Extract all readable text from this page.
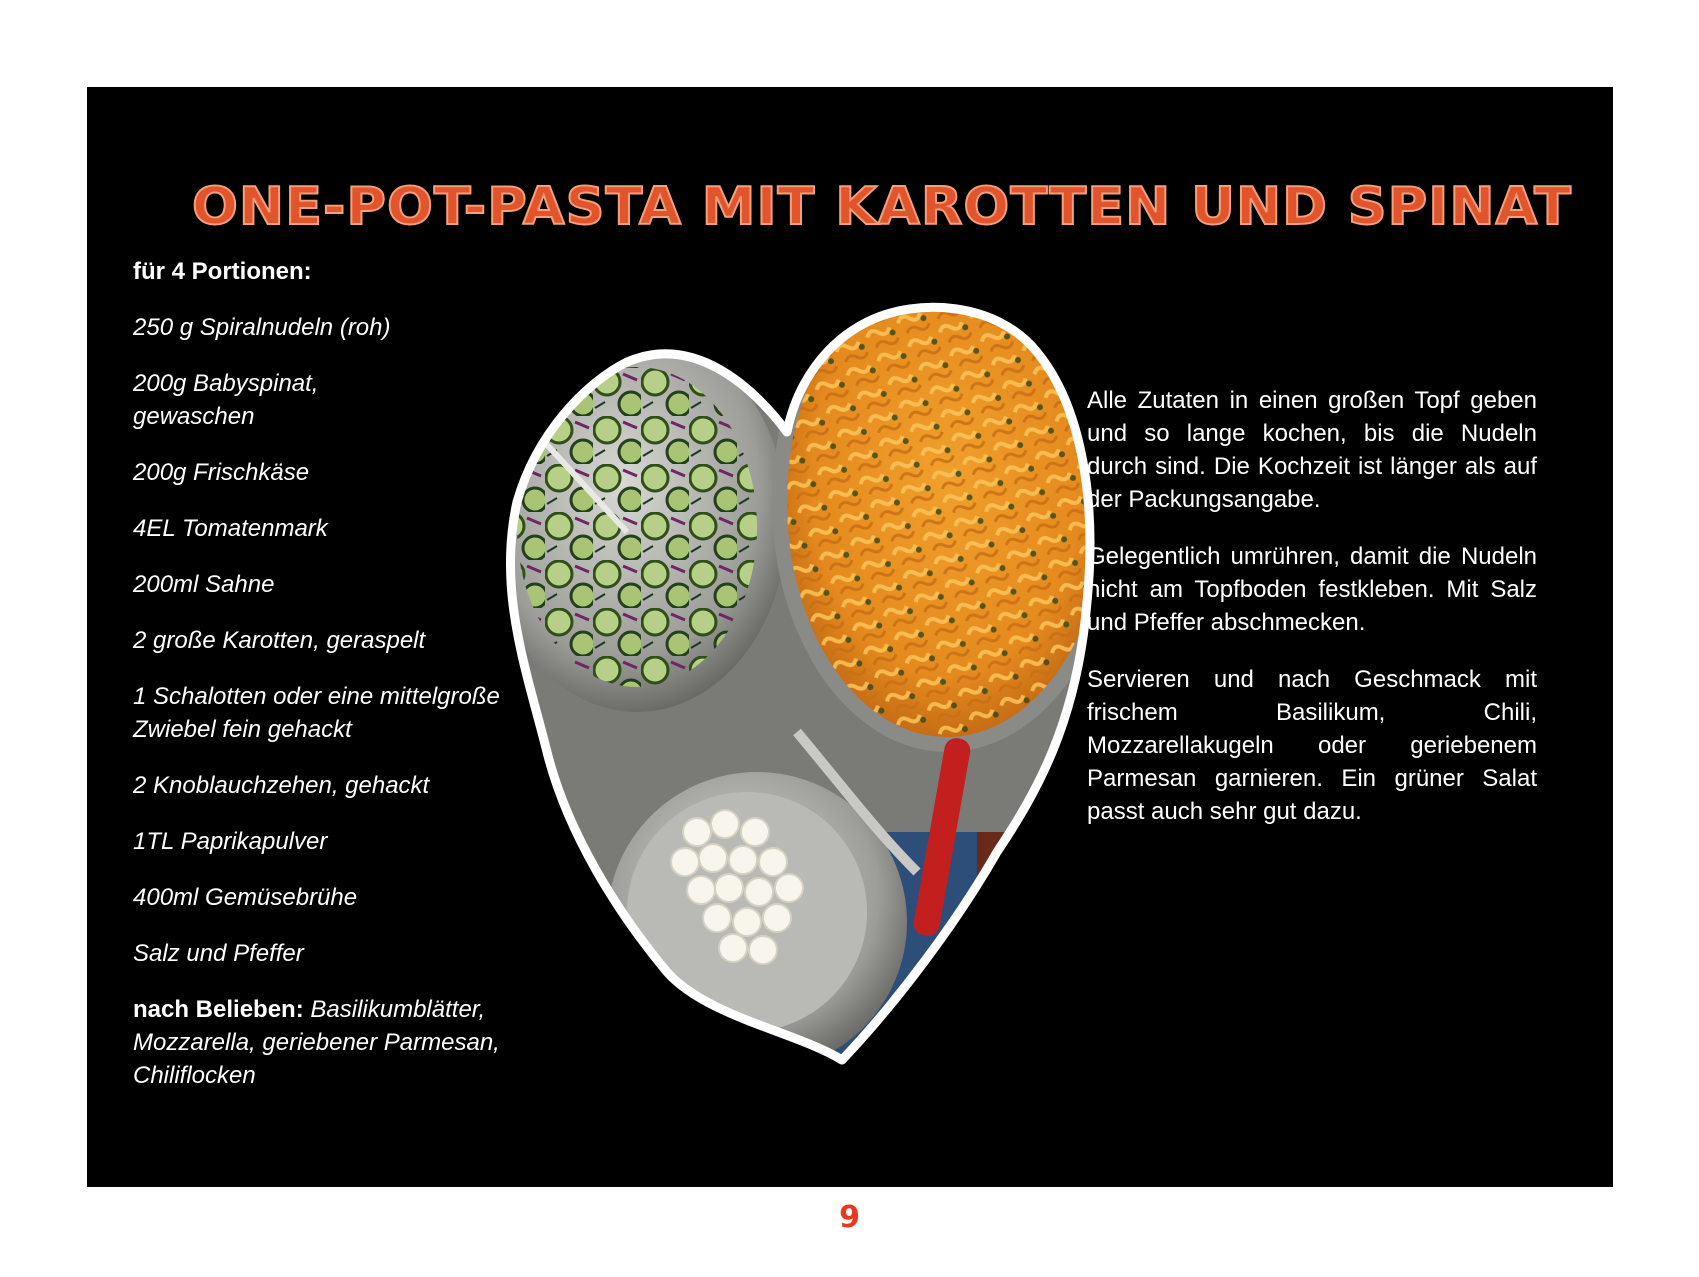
ONE-POT-PASTA MIT KAROTTEN UND SPINAT

für 4 Portionen:

250 g Spiralnudeln (roh)
200g Babyspinat, gewaschen
200g Frischkäse
4EL Tomatenmark
200ml Sahne
2 große Karotten, geraspelt
1 Schalotten oder eine mittelgroße Zwiebel fein gehackt
2 Knoblauchzehen, gehackt
1TL Paprikapulver
400ml Gemüsebrühe
Salz und Pfeffer

nach Belieben: Basilikumblätter, Mozzarella, geriebener Parmesan, Chiliflocken

Alle Zutaten in einen großen Topf geben und so lange kochen, bis die Nudeln durch sind. Die Kochzeit ist länger als auf der Packungsangabe.

Gelegentlich umrühren, damit die Nudeln nicht am Topfboden festkleben. Mit Salz und Pfeffer abschmecken.

Servieren und nach Geschmack mit frischem Basilikum, Chili, Mozzarellakugeln oder geriebenem Parmesan garnieren. Ein grüner Salat passt auch sehr gut dazu.

9
